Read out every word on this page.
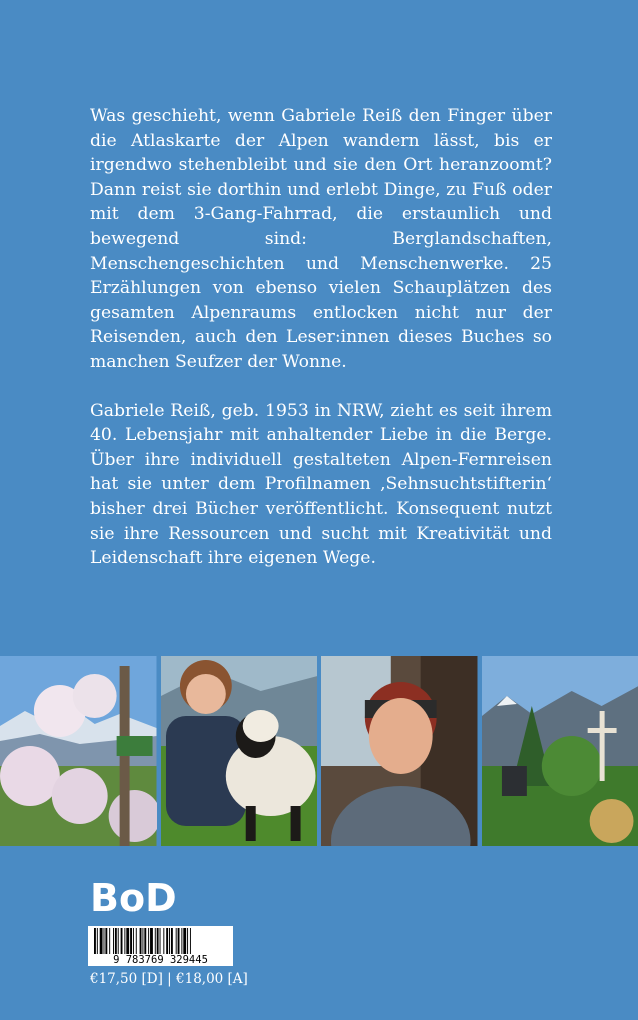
Was geschieht, wenn Gabriele Reiß den Finger über die Atlaskarte der Alpen wandern lässt, bis er irgendwo stehenbleibt und sie den Ort heranzoomt? Dann reist sie dorthin und erlebt Dinge, zu Fuß oder mit dem 3-Gang-Fahrrad, die erstaunlich und bewegend sind: Berglandschaften, Menschengeschichten und Menschenwerke. 25 Erzählungen von ebenso vielen Schauplätzen des gesamten Alpenraums entlocken nicht nur der Reisenden, auch den Leser:innen dieses Buches so manchen Seufzer der Wonne.

Gabriele Reiß, geb. 1953 in NRW, zieht es seit ihrem 40. Lebensjahr mit anhaltender Liebe in die Berge. Über ihre individuell gestalteten Alpen-Fernreisen hat sie unter dem Profilnamen ‚Sehnsuchtstifterin‘ bisher drei Bücher veröffentlicht. Konsequent nutzt sie ihre Ressourcen und sucht mit Kreativität und Leidenschaft ihre eigenen Wege.

BoD
9 783769 329445
€17,50 [D] | €18,00 [A]
